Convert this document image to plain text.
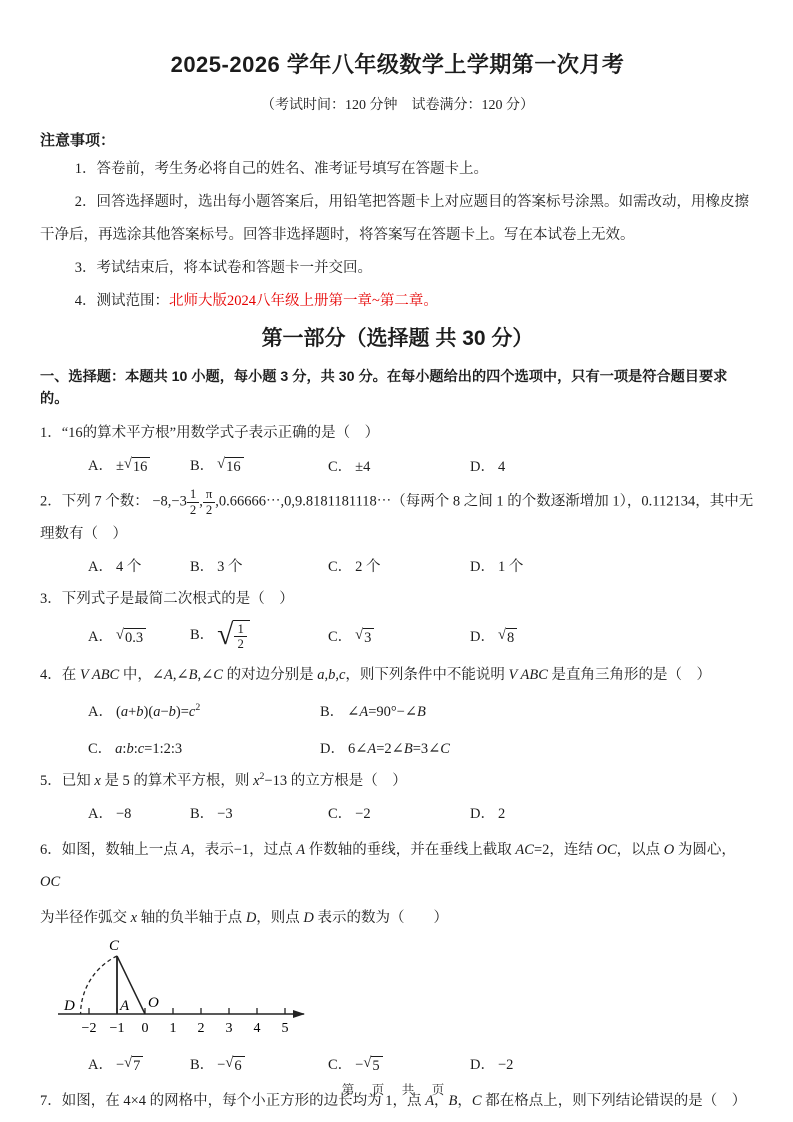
2025-2026 学年八年级数学上学期第一次月考
（考试时间：120 分钟　试卷满分：120 分）
注意事项：

1．答卷前，考生务必将自己的姓名、准考证号填写在答题卡上。

2．回答选择题时，选出每小题答案后，用铅笔把答题卡上对应题目的答案标号涂黑。如需改动，用橡皮擦干净后，再选涂其他答案标号。回答非选择题时，将答案写在答题卡上。写在本试卷上无效。

3．考试结束后，将本试卷和答题卡一并交回。

4．测试范围：北师大版2024八年级上册第一章~第二章。

第一部分（选择题 共 30 分）
一、选择题：本题共 10 小题，每小题 3 分，共 30 分。在每小题给出的四个选项中，只有一项是符合题目要求的。

1．“16的算术平方根”用数学式子表示正确的是（　）

A． ± √ 16	B． √ 16	C． ±4	D． 4

2．下列 7 个数： $-8,-3 \frac{1}{2}$ , $\frac{\pi}{2}$ ,0.66666⋯,0,9.8181181118⋯（每两个 8 之间 1 的个数逐渐增加 1），0.112134，其中无

理数有（　）

A． 4 个	B． 3 个	C． 2 个	D． 1 个

3．下列式子是最简二次根式的是（　）

A． √ 0.3	B． √ $\frac{1}{2}$	C． √ 3	D． √ 8

4．在 V ABC 中，∠A,∠B,∠C 的对边分别是 a,b,c，则下列条件中不能说明 V ABC 是直角三角形的是（　）

A． $(a+b)(a-b)=c^2$	B． ∠A=90°−∠B
C． a:b:c=1:2:3	D． 6∠A=2∠B=3∠C

5．已知 x 是 5 的算术平方根，则 $x^2-13$ 的立方根是（　）

A． −8	B． −3	C． −2	D． 2

6．如图，数轴上一点 A，表示−1，过点 A 作数轴的垂线，并在垂线上截取 AC=2，连结 OC，以点 O 为圆心，OC

为半径作弧交 x 轴的负半轴于点 D，则点 D 表示的数为（　　）

C
D	A O
−2 −1 0 1 2 3 4 5
A． − √ 7	B． − √ 6	C． − √ 5	D． −2

7．如图，在 4×4 的网格中，每个小正方形的边长均为 1，点 A，B，C 都在格点上，则下列结论错误的是（　）

第 页 共 页
